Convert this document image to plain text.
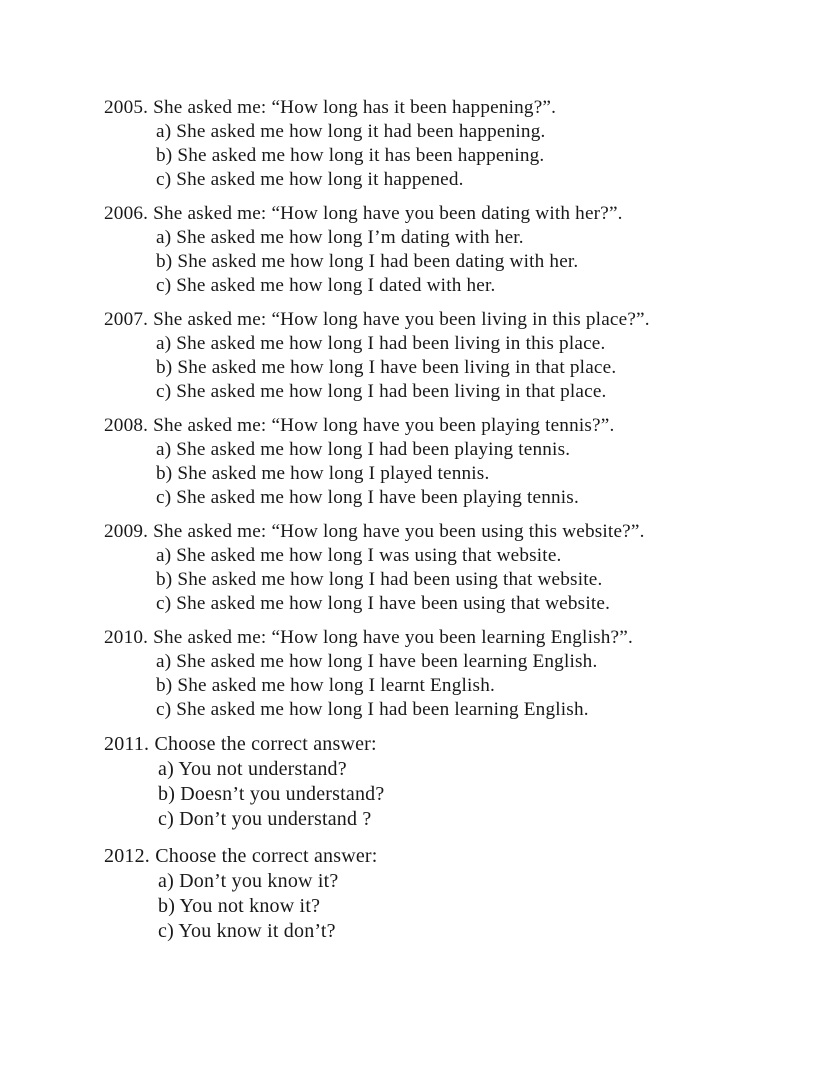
2005. She asked me: “How long has it been happening?”.
a) She asked me how long it had been happening.
b) She asked me how long it has been happening.
c) She asked me how long it happened.
2006. She asked me: “How long have you been dating with her?”.
a) She asked me how long I’m dating with her.
b) She asked me how long I had been dating with her.
c) She asked me how long I dated with her.
2007. She asked me: “How long have you been living in this place?”.
a) She asked me how long I had been living in this place.
b) She asked me how long I have been living in that place.
c) She asked me how long I had been living in that place.
2008. She asked me: “How long have you been playing tennis?”.
a) She asked me how long I had been playing tennis.
b) She asked me how long I played tennis.
c) She asked me how long I have been playing tennis.
2009. She asked me: “How long have you been using this website?”.
a) She asked me how long I was using that website.
b) She asked me how long I had been using that website.
c) She asked me how long I have been using that website.
2010. She asked me: “How long have you been learning English?”.
a) She asked me how long I have been learning English.
b) She asked me how long I learnt English.
c) She asked me how long I had been learning English.
2011. Choose the correct answer:
a) You not understand?
b) Doesn’t you understand?
c) Don’t you understand ?
2012. Choose the correct answer:
a) Don’t you know it?
b) You not know it?
c) You know it don’t?
